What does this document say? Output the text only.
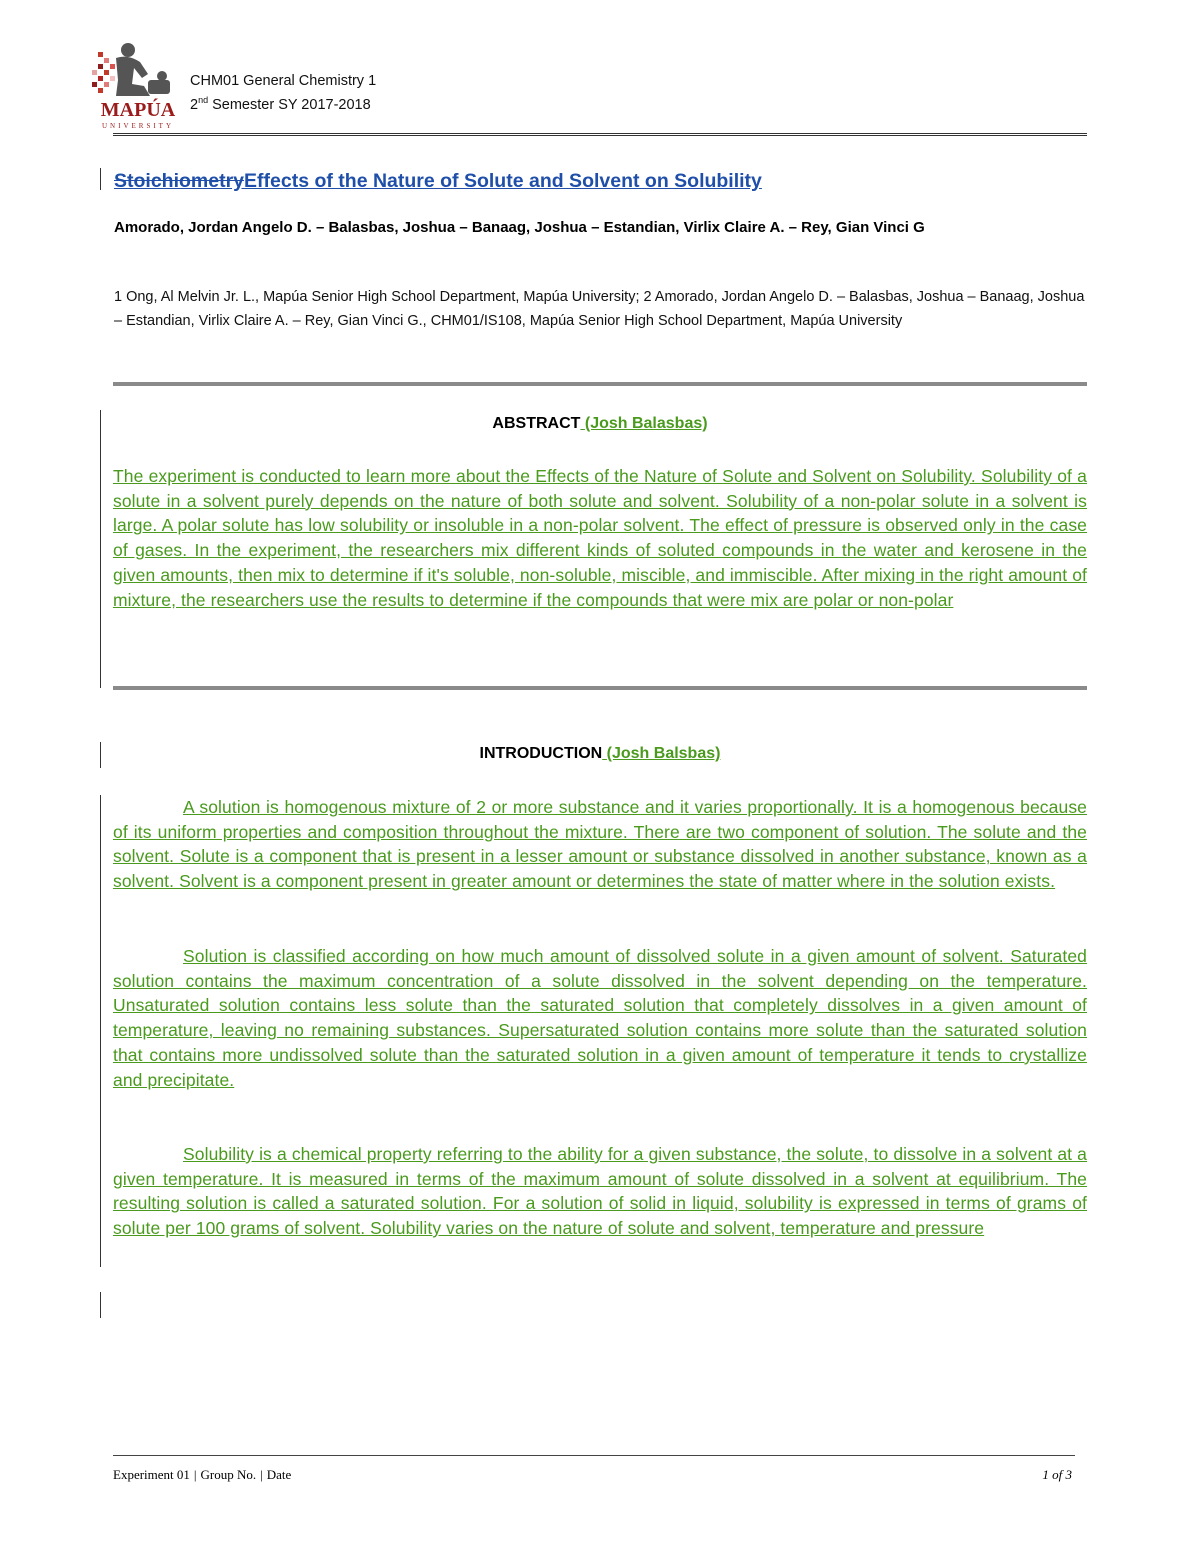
MAPÚA
UNIVERSITY
CHM01 General Chemistry 1
2nd Semester SY 2017-2018
StoichiometryEffects of the Nature of Solute and Solvent on Solubility
Amorado, Jordan Angelo D. – Balasbas, Joshua – Banaag, Joshua – Estandian, Virlix Claire A. – Rey, Gian Vinci G
1 Ong, Al Melvin Jr. L., Mapúa Senior High School Department, Mapúa University; 2 Amorado, Jordan Angelo D. – Balasbas, Joshua – Banaag, Joshua – Estandian, Virlix Claire A. – Rey, Gian Vinci G., CHM01/IS108, Mapúa Senior High School Department, Mapúa University
ABSTRACT (Josh Balasbas)
The experiment is conducted to learn more about the Effects of the Nature of Solute and Solvent on Solubility. Solubility of a solute in a solvent purely depends on the nature of both solute and solvent. Solubility of a non-polar solute in a solvent is large. A polar solute has low solubility or insoluble in a non-polar solvent. The effect of pressure is observed only in the case of gases. In the experiment, the researchers mix different kinds of soluted compounds in the water and kerosene in the given amounts, then mix to determine if it's soluble, non-soluble, miscible, and immiscible. After mixing in the right amount of mixture, the researchers use the results to determine if the compounds that were mix are polar or non-polar
INTRODUCTION (Josh Balsbas)
A solution is homogenous mixture of 2 or more substance and it varies proportionally. It is a homogenous because of its uniform properties and composition throughout the mixture. There are two component of solution. The solute and the solvent. Solute is a component that is present in a lesser amount or substance dissolved in another substance, known as a solvent. Solvent is a component present in greater amount or determines the state of matter where in the solution exists.
Solution is classified according on how much amount of dissolved solute in a given amount of solvent. Saturated solution contains the maximum concentration of a solute dissolved in the solvent depending on the temperature. Unsaturated solution contains less solute than the saturated solution that completely dissolves in a given amount of temperature, leaving no remaining substances. Supersaturated solution contains more solute than the saturated solution that contains more undissolved solute than the saturated solution in a given amount of temperature it tends to crystallize and precipitate.
Solubility is a chemical property referring to the ability for a given substance, the solute, to dissolve in a solvent at a given temperature. It is measured in terms of the maximum amount of solute dissolved in a solvent at equilibrium. The resulting solution is called a saturated solution. For a solution of solid in liquid, solubility is expressed in terms of grams of solute per 100 grams of solvent. Solubility varies on the nature of solute and solvent, temperature and pressure
Experiment 01 | Group No. | Date	1 of 3
